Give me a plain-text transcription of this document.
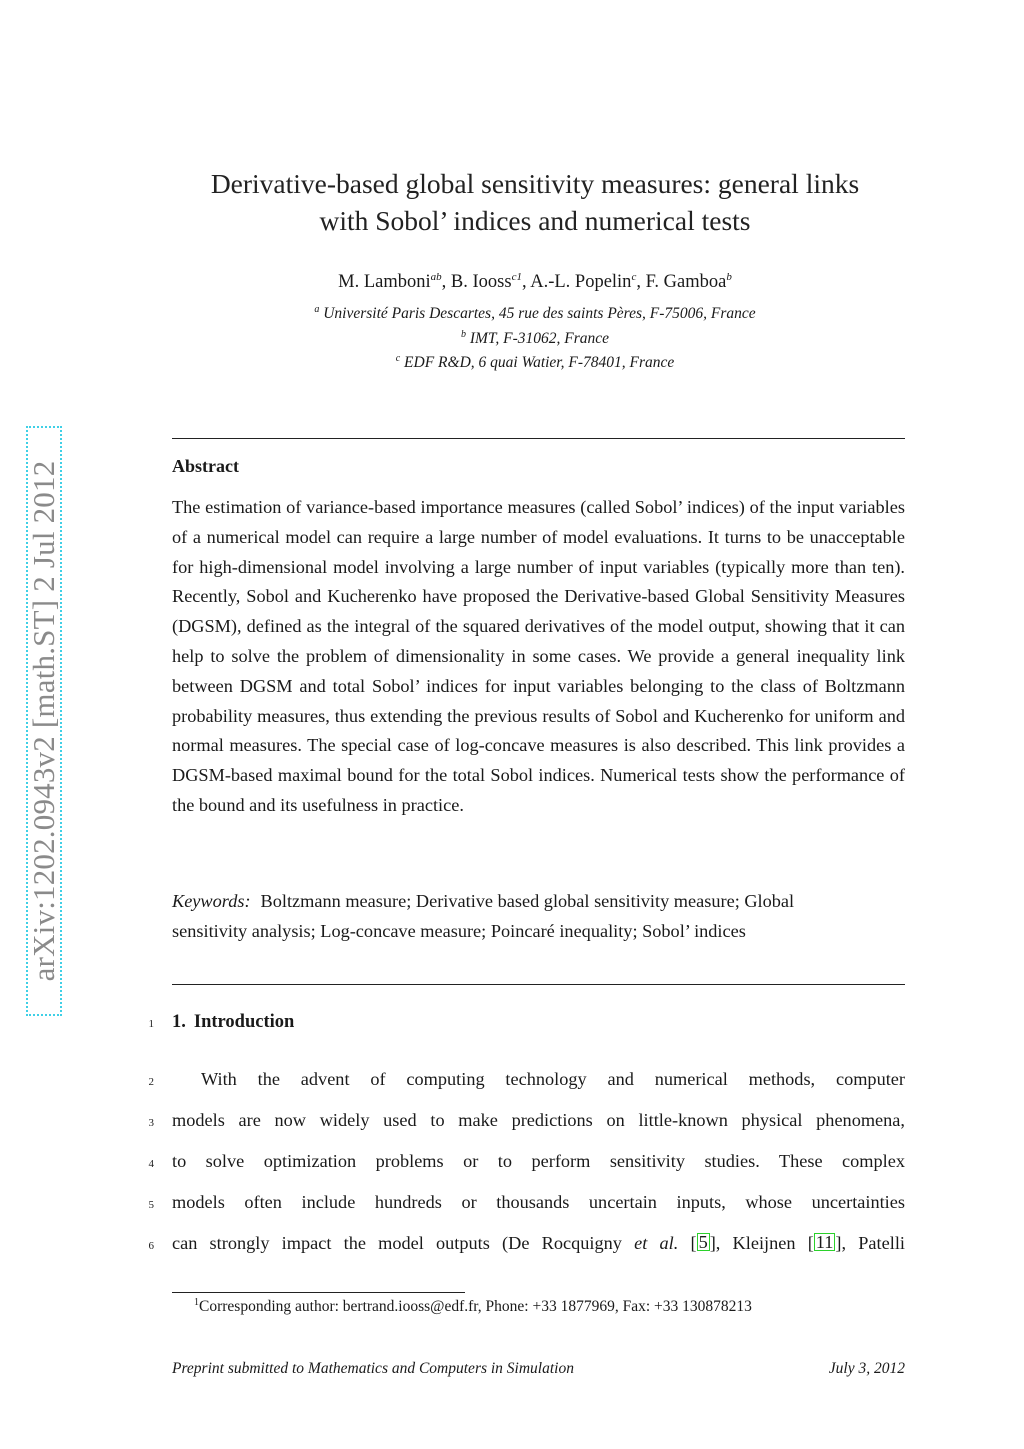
arXiv:1202.0943v2 [math.ST] 2 Jul 2012
Derivative-based global sensitivity measures: general links
with Sobol’ indices and numerical tests
M. Lamboni$^{ab}$, B. Iooss$^{c1}$, A.-L. Popelin$^c$, F. Gamboa$^b$
$^a$ Université Paris Descartes, 45 rue des saints Pères, F-75006, France
$^b$ IMT, F-31062, France
$^c$ EDF R&D, 6 quai Watier, F-78401, France
Abstract

The estimation of variance-based importance measures (called Sobol’ indices) of the input variables of a numerical model can require a large number of model evaluations. It turns to be unacceptable for high-dimensional model involving a large number of input variables (typically more than ten). Recently, Sobol and Kucherenko have proposed the Derivative-based Global Sensitivity Measures (DGSM), defined as the integral of the squared derivatives of the model output, showing that it can help to solve the problem of dimensionality in some cases. We provide a general inequality link between DGSM and total Sobol’ indices for input variables belonging to the class of Boltzmann probability measures, thus extending the previous results of Sobol and Kucherenko for uniform and normal measures. The special case of log-concave measures is also described. This link provides a DGSM-based maximal bound for the total Sobol indices. Numerical tests show the performance of the bound and its usefulness in practice.

Keywords: Boltzmann measure; Derivative based global sensitivity measure; Global sensitivity analysis; Log-concave measure; Poincaré inequality; Sobol’ indices

1 1. Introduction
2	With the advent of computing technology and numerical methods, computer
3 models are now widely used to make predictions on little-known physical phenomena,
4 to solve optimization problems or to perform sensitivity studies. These complex
5 models often include hundreds or thousands uncertain inputs, whose uncertainties
6 can strongly impact the model outputs (De Rocquigny et al. [ 5 ], Kleijnen [ 11 ], Patelli
$^1$Corresponding author: bertrand.iooss@edf.fr, Phone: +33 1877969, Fax: +33 130878213
Preprint submitted to Mathematics and Computers in Simulation	July 3, 2012
